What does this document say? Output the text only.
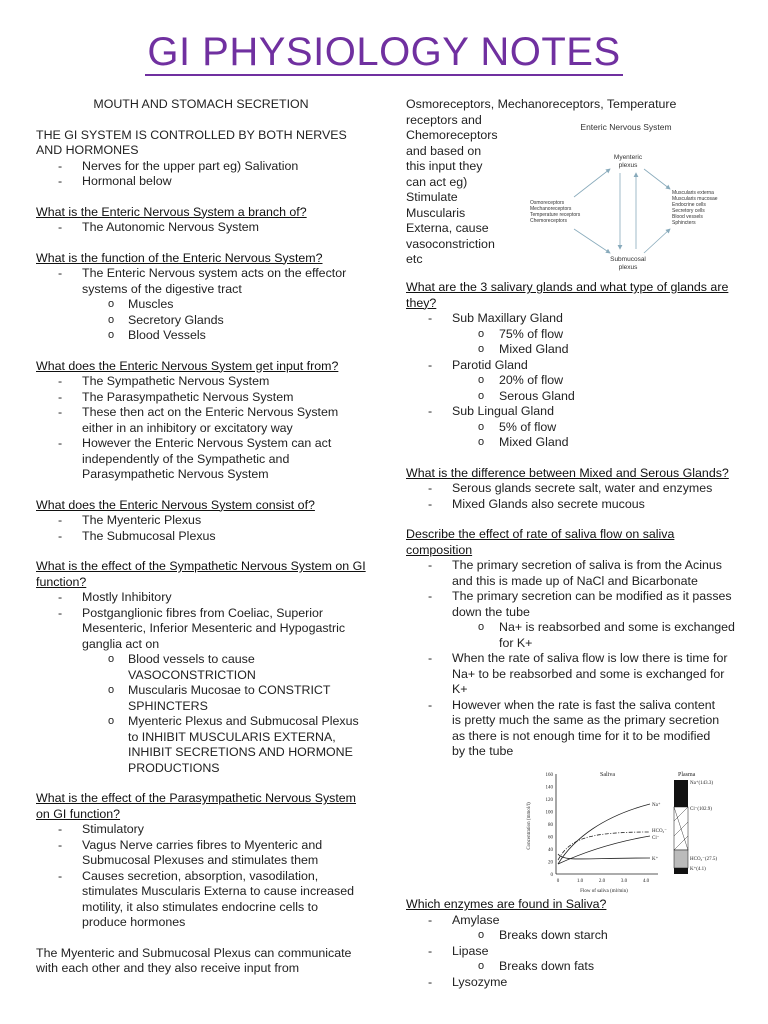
GI PHYSIOLOGY NOTES
MOUTH AND STOMACH SECRETION
THE GI SYSTEM IS CONTROLLED BY BOTH NERVES AND HORMONES
- Nerves for the upper part eg) Salivation
- Hormonal below
What is the Enteric Nervous System a branch of?
- The Autonomic Nervous System
What is the function of the Enteric Nervous System?
- The Enteric Nervous system acts on the effector systems of the digestive tract
o Muscles
o Secretory Glands
o Blood Vessels
What does the Enteric Nervous System get input from?
- The Sympathetic Nervous System
- The Parasympathetic Nervous System
- These then act on the Enteric Nervous System either in an inhibitory or excitatory way
- However the Enteric Nervous System can act independently of the Sympathetic and Parasympathetic Nervous System
What does the Enteric Nervous System consist of?
- The Myenteric Plexus
- The Submucosal Plexus
What is the effect of the Sympathetic Nervous System on GI function?
- Mostly Inhibitory
- Postganglionic fibres from Coeliac, Superior Mesenteric, Inferior Mesenteric and Hypogastric ganglia act on
o Blood vessels to cause VASOCONSTRICTION
o Muscularis Mucosae to CONSTRICT SPHINCTERS
o Myenteric Plexus and Submucosal Plexus to INHIBIT MUSCULARIS EXTERNA, INHIBIT SECRETIONS AND HORMONE PRODUCTIONS
What is the effect of the Parasympathetic Nervous System on GI function?
- Stimulatory
- Vagus Nerve carries fibres to Myenteric and Submucosal Plexuses and stimulates them
- Causes secretion, absorption, vasodilation, stimulates Muscularis Externa to cause increased motility, it also stimulates endocrine cells to produce hormones
The Myenteric and Submucosal Plexus can communicate with each other and they also receive input from
Osmoreceptors, Mechanoreceptors, Temperature
receptors and Chemoreceptors and based on this input they can act eg) Stimulate Muscularis Externa, cause vasoconstriction etc
Enteric Nervous System
Myenteric
plexus
Submucosal
plexus
Osmoreceptors
Mechanoreceptors
Temperature receptors
Chemoreceptors
Muscularis externa
Muscularis mucosae
Endocrine cells
Secretory cells
Blood vessels
Sphincters
What are the 3 salivary glands and what type of glands are they?
- Sub Maxillary Gland
o 75% of flow
o Mixed Gland
- Parotid Gland
o 20% of flow
o Serous Gland
- Sub Lingual Gland
o 5% of flow
o Mixed Gland
What is the difference between Mixed and Serous Glands?
- Serous glands secrete salt, water and enzymes
- Mixed Glands also secrete mucous
Describe the effect of rate of saliva flow on saliva composition
- The primary secretion of saliva is from the Acinus and this is made up of NaCl and Bicarbonate
- The primary secretion can be modified as it passes down the tube
o Na+ is reabsorbed and some is exchanged for K+
- When the rate of saliva flow is low there is time for Na+ to be reabsorbed and some is exchanged for K+
- However when the rate is fast the saliva content is pretty much the same as the primary secretion as there is not enough time for it to be modified by the tube
Saliva	Plasma
Concentration (mmol/l)
Flow of saliva (ml/min)
160
140
120
100
80
60
40
20
0
0	1.0	2.0	3.0	4.0
Na⁺
HCO₃⁻
Cl⁻
K⁺
Na⁺(143.3)
Cl⁻(102.9)
HCO₃⁻(27.5)
K⁺(4.1)
Which enzymes are found in Saliva?
- Amylase
o Breaks down starch
- Lipase
o Breaks down fats
- Lysozyme
